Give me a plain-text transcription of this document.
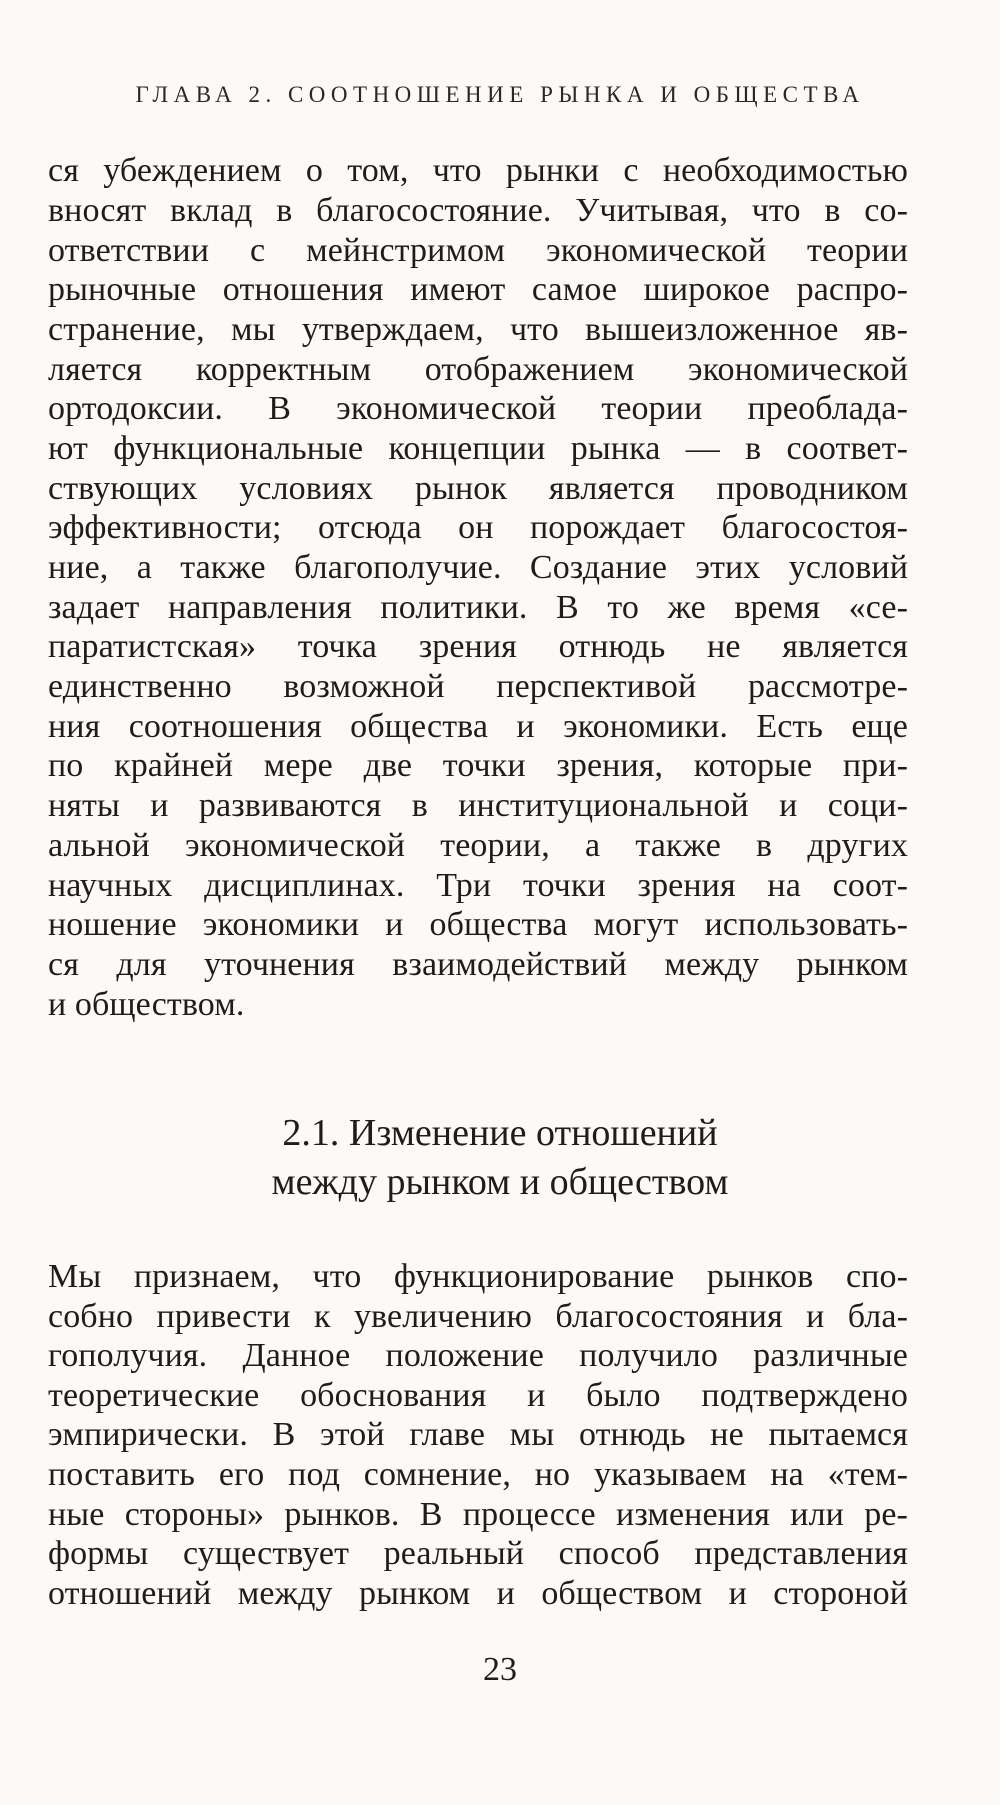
ГЛАВА 2. СООТНОШЕНИЕ РЫНКА И ОБЩЕСТВА
ся убеждением о том, что рынки с необходимостью
вносят вклад в благосостояние. Учитывая, что в со-
ответствии с мейнстримом экономической теории
рыночные отношения имеют самое широкое распро-
странение, мы утверждаем, что вышеизложенное яв-
ляется корректным отображением экономической
ортодоксии. В экономической теории преоблада-
ют функциональные концепции рынка — в соответ-
ствующих условиях рынок является проводником
эффективности; отсюда он порождает благосостоя-
ние, а также благополучие. Создание этих условий
задает направления политики. В то же время «се-
паратистская» точка зрения отнюдь не является
единственно возможной перспективой рассмотре-
ния соотношения общества и экономики. Есть еще
по крайней мере две точки зрения, которые при-
няты и развиваются в институциональной и соци-
альной экономической теории, а также в других
научных дисциплинах. Три точки зрения на соот-
ношение экономики и общества могут использовать-
ся для уточнения взаимодействий между рынком
и обществом.
2.1. Изменение отношений
между рынком и обществом
Мы признаем, что функционирование рынков спо-
собно привести к увеличению благосостояния и бла-
гополучия. Данное положение получило различные
теоретические обоснования и было подтверждено
эмпирически. В этой главе мы отнюдь не пытаемся
поставить его под сомнение, но указываем на «тем-
ные стороны» рынков. В процессе изменения или ре-
формы существует реальный способ представления
отношений между рынком и обществом и стороной
23
